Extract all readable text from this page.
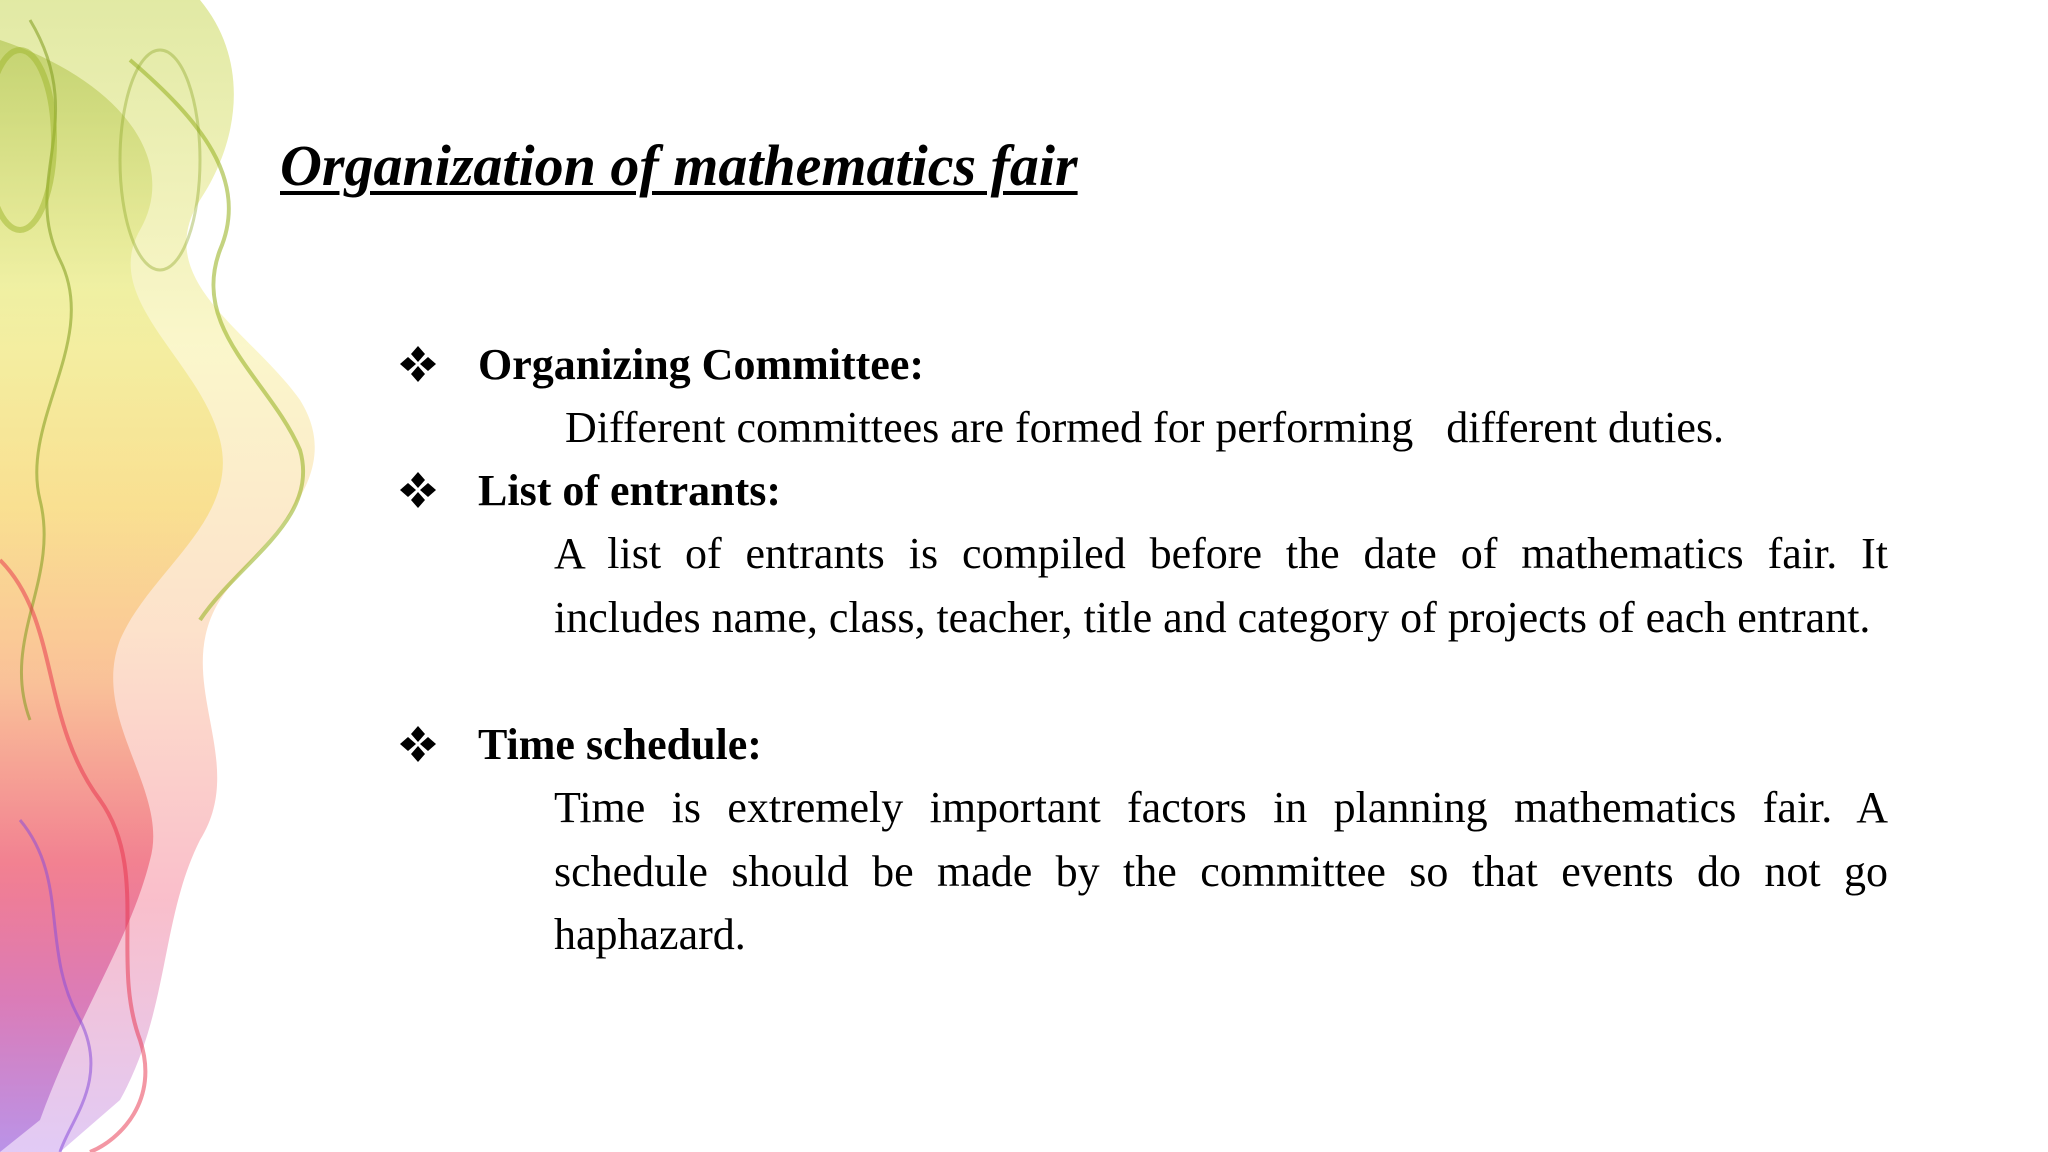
Organization of mathematics fair
Organizing Committee:

Different committees are formed for performing   different duties.

List of entrants:

A list of entrants is compiled before the date of mathematics fair. It includes name, class, teacher, title and category of projects of each entrant.

Time schedule:

Time is extremely important factors in planning mathematics fair. A schedule should be made by the committee so that events do not go haphazard.
